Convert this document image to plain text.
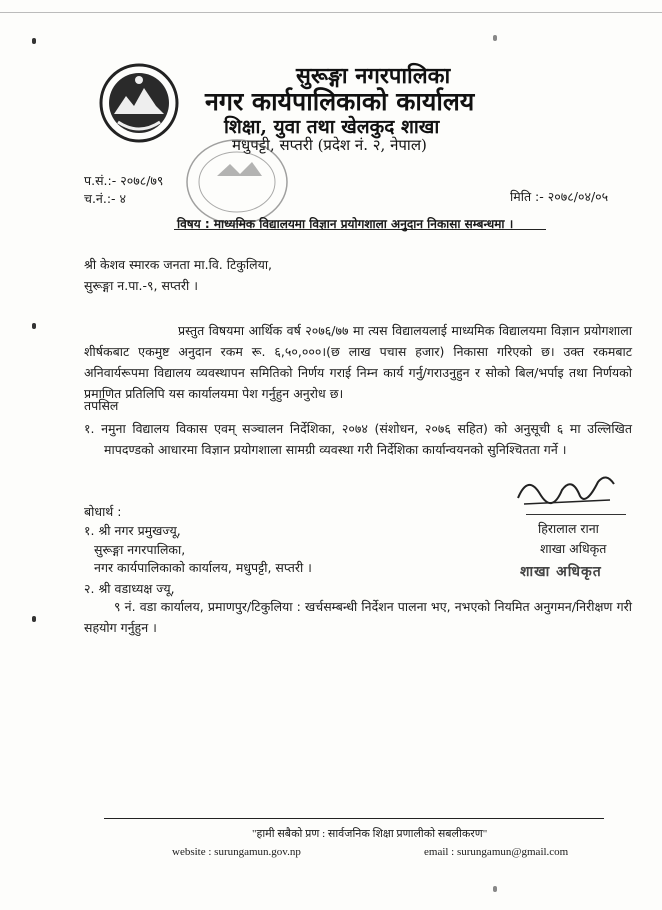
सुरूङ्गा नगरपालिका
नगर कार्यपालिकाको कार्यालय
शिक्षा, युवा तथा खेलकुद शाखा
मधुपट्टी, सप्तरी (प्रदेश नं. २, नेपाल)
प.सं.:- २०७८/७९
च.नं.:- ४	मिति :- २०७८/०४/०५
विषय : माध्यमिक विद्यालयमा विज्ञान प्रयोगशाला अनुदान निकासा सम्बन्धमा ।
श्री केशव स्मारक जनता मा.वि. टिकुलिया,
सुरूङ्गा न.पा.-९, सप्तरी ।
प्रस्तुत विषयमा आर्थिक वर्ष २०७६/७७ मा त्यस विद्यालयलाई माध्यमिक विद्यालयमा विज्ञान प्रयोगशाला शीर्षकबाट एकमुष्ट अनुदान रकम रू. ६,५०,०००।(छ लाख पचास हजार) निकासा गरिएको छ। उक्त रकमबाट अनिवार्यरूपमा विद्यालय व्यवस्थापन समितिको निर्णय गराई निम्न कार्य गर्नु/गराउनुहुन र सोको बिल/भर्पाइ तथा निर्णयको प्रमाणित प्रतिलिपि यस कार्यालयमा पेश गर्नुहुन अनुरोध छ।
तपसिल
१. नमुना विद्यालय विकास एवम् सञ्चालन निर्देशिका, २०७४ (संशोधन, २०७६ सहित) को अनुसूची ६ मा उल्लिखित मापदण्डको आधारमा विज्ञान प्रयोगशाला सामग्री व्यवस्था गरी निर्देशिका कार्यान्वयनको सुनिश्चितता गर्ने ।
हिरालाल राना
शाखा अधिकृत
शाखा अधिकृत
बोधार्थ :
१. श्री नगर प्रमुखज्यू,
सुरूङ्गा नगरपालिका,
नगर कार्यपालिकाको कार्यालय, मधुपट्टी, सप्तरी ।
२. श्री वडाध्यक्ष ज्यू,
९ नं. वडा कार्यालय, प्रमाणपुर/टिकुलिया : खर्चसम्बन्धी निर्देशन पालना भए, नभएको नियमित अनुगमन/निरीक्षण गरी सहयोग गर्नुहुन ।
"हामी सबैको प्रण : सार्वजनिक शिक्षा प्रणालीको सबलीकरण"
website : surungamun.gov.np	email : surungamun@gmail.com
